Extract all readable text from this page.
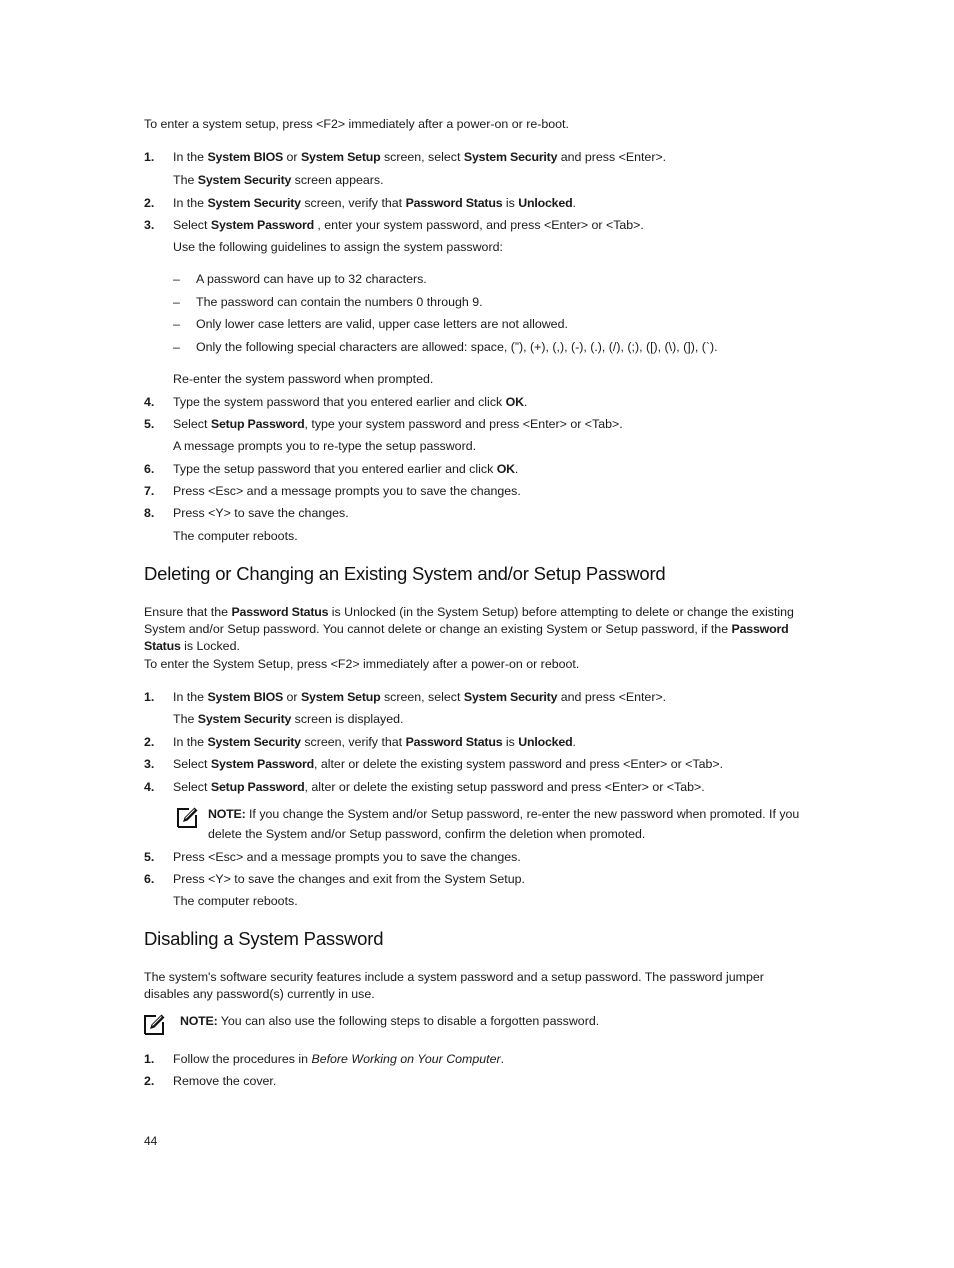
To enter a system setup, press <F2> immediately after a power-on or re-boot.
1. In the System BIOS or System Setup screen, select System Security and press <Enter>.
The System Security screen appears.
2. In the System Security screen, verify that Password Status is Unlocked.
3. Select System Password , enter your system password, and press <Enter> or <Tab>.
Use the following guidelines to assign the system password:
– A password can have up to 32 characters.
– The password can contain the numbers 0 through 9.
– Only lower case letters are valid, upper case letters are not allowed.
– Only the following special characters are allowed: space, (”), (+), (,), (-), (.), (/), (;), ([), (\), (]), (`).
Re-enter the system password when prompted.
4. Type the system password that you entered earlier and click OK.
5. Select Setup Password, type your system password and press <Enter> or <Tab>.
A message prompts you to re-type the setup password.
6. Type the setup password that you entered earlier and click OK.
7. Press <Esc> and a message prompts you to save the changes.
8. Press <Y> to save the changes.
The computer reboots.
Deleting or Changing an Existing System and/or Setup Password
Ensure that the Password Status is Unlocked (in the System Setup) before attempting to delete or change the existing
System and/or Setup password. You cannot delete or change an existing System or Setup password, if the Password
Status is Locked.
To enter the System Setup, press <F2> immediately after a power-on or reboot.
1. In the System BIOS or System Setup screen, select System Security and press <Enter>.
The System Security screen is displayed.
2. In the System Security screen, verify that Password Status is Unlocked.
3. Select System Password, alter or delete the existing system password and press <Enter> or <Tab>.
4. Select Setup Password, alter or delete the existing setup password and press <Enter> or <Tab>.
NOTE: If you change the System and/or Setup password, re-enter the new password when promoted. If you
delete the System and/or Setup password, confirm the deletion when promoted.
5. Press <Esc> and a message prompts you to save the changes.
6. Press <Y> to save the changes and exit from the System Setup.
The computer reboots.
Disabling a System Password
The system's software security features include a system password and a setup password. The password jumper
disables any password(s) currently in use.
NOTE: You can also use the following steps to disable a forgotten password.
1. Follow the procedures in Before Working on Your Computer.
2. Remove the cover.
44
